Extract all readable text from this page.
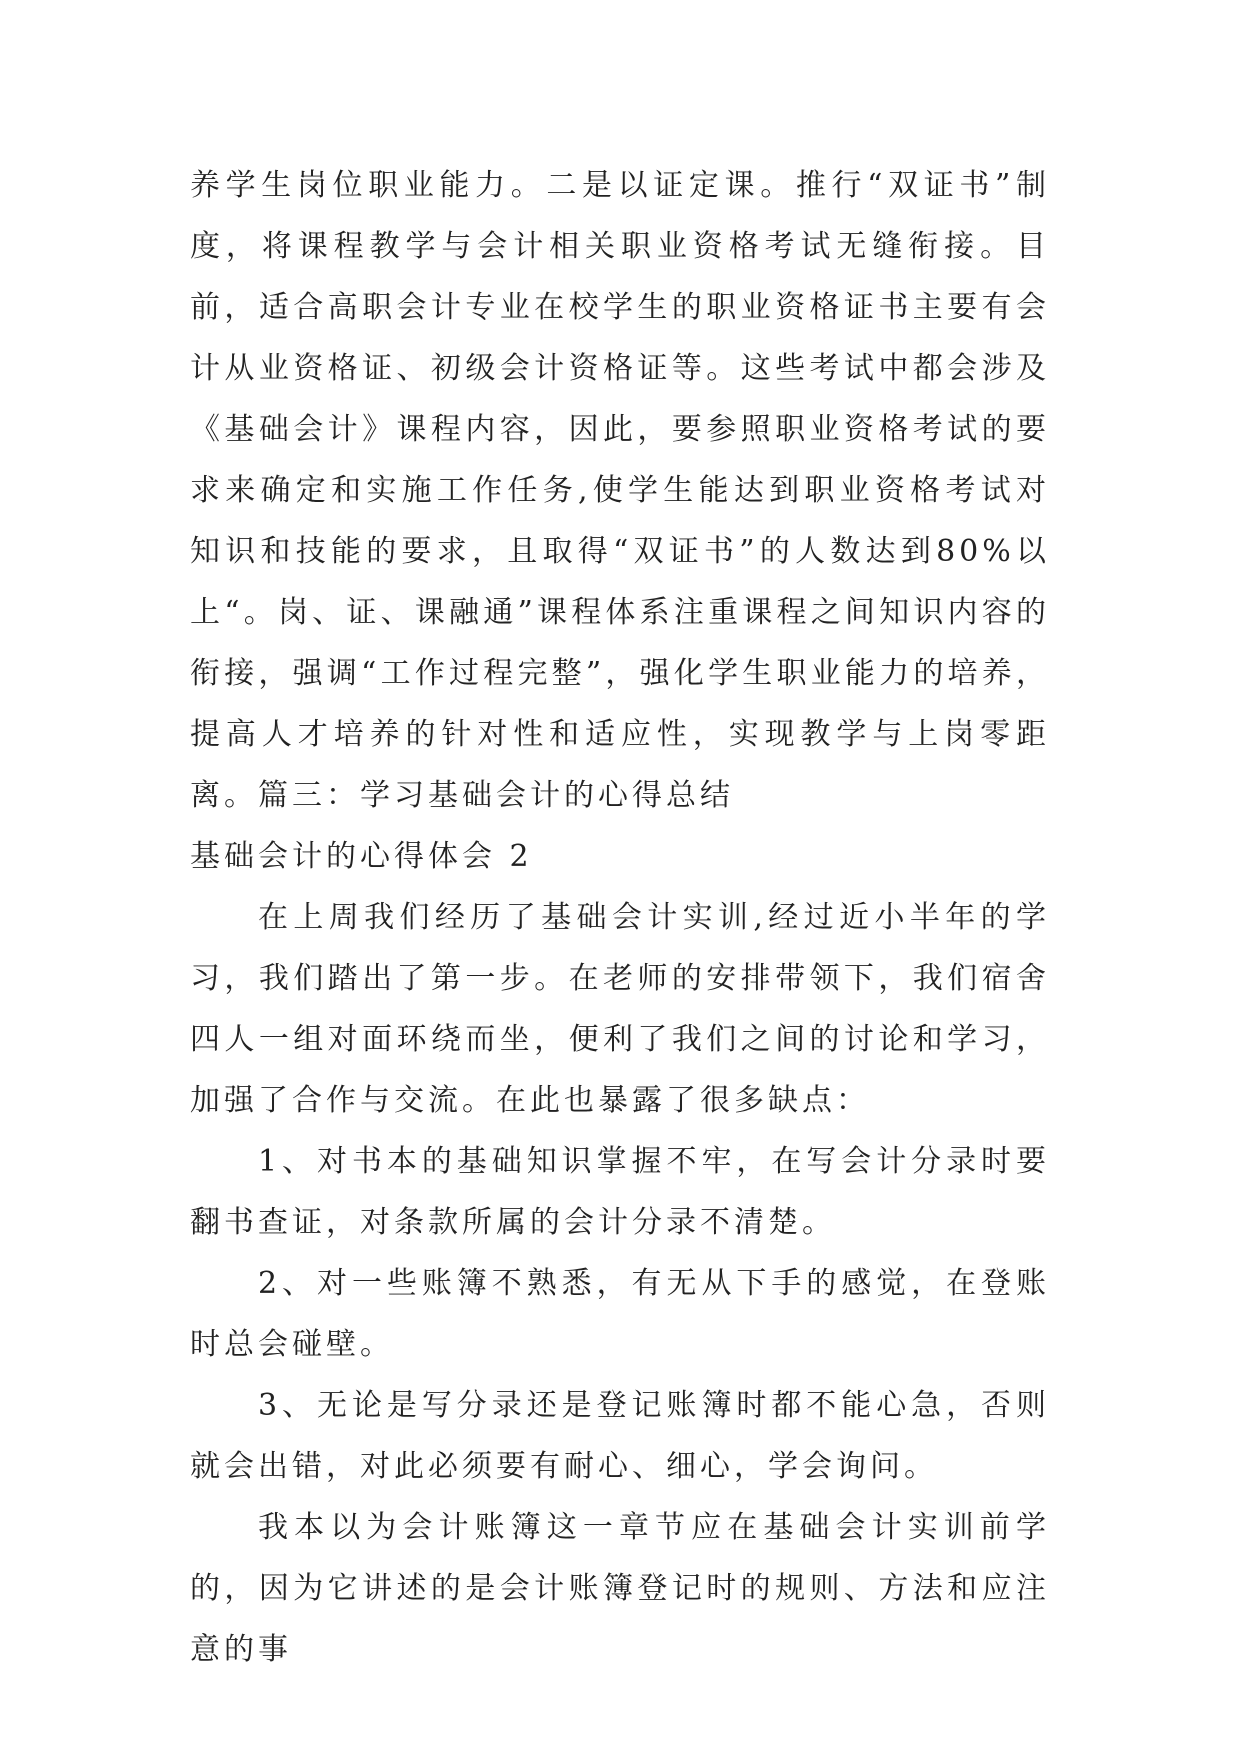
养学生岗位职业能力。二是以证定课。推行“双证书”制度，将课程教学与会计相关职业资格考试无缝衔接。目前，适合高职会计专业在校学生的职业资格证书主要有会计从业资格证、初级会计资格证等。这些考试中都会涉及《基础会计》课程内容，因此，要参照职业资格考试的要求来确定和实施工作任务,使学生能达到职业资格考试对知识和技能的要求，且取得“双证书”的人数达到80%以上“。岗、证、课融通”课程体系注重课程之间知识内容的衔接，强调“工作过程完整”，强化学生职业能力的培养，提高人才培养的针对性和适应性，实现教学与上岗零距离。篇三：学习基础会计的心得总结

基础会计的心得体会 2

在上周我们经历了基础会计实训,经过近小半年的学习，我们踏出了第一步。在老师的安排带领下，我们宿舍四人一组对面环绕而坐，便利了我们之间的讨论和学习，加强了合作与交流。在此也暴露了很多缺点：

1、对书本的基础知识掌握不牢，在写会计分录时要翻书查证，对条款所属的会计分录不清楚。

2、对一些账簿不熟悉，有无从下手的感觉，在登账时总会碰壁。

3、无论是写分录还是登记账簿时都不能心急，否则就会出错，对此必须要有耐心、细心，学会询问。

我本以为会计账簿这一章节应在基础会计实训前学的，因为它讲述的是会计账簿登记时的规则、方法和应注意的事
